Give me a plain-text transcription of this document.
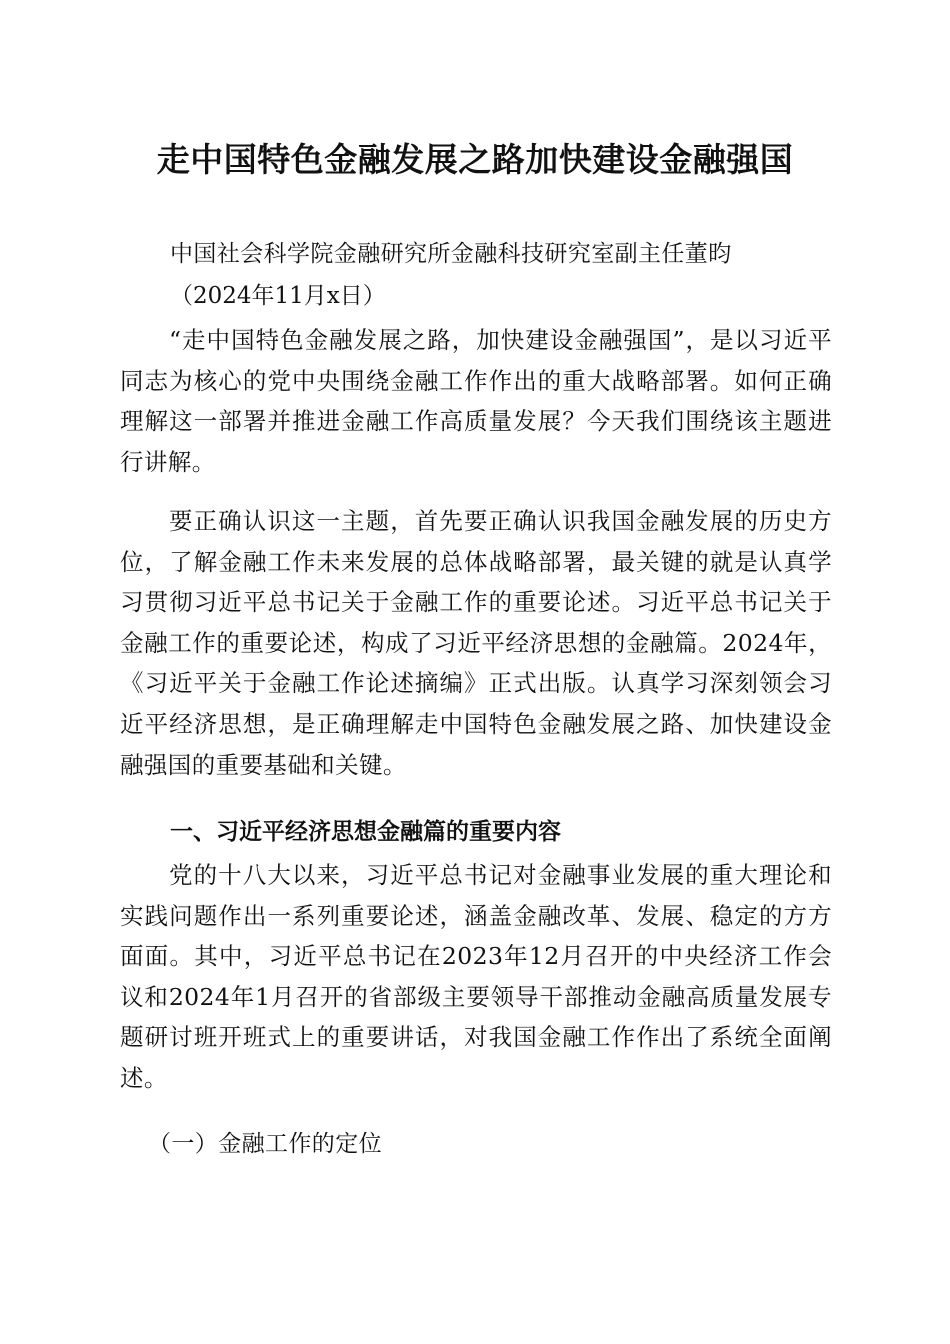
走中国特色金融发展之路加快建设金融强国
中国社会科学院金融研究所金融科技研究室副主任董昀
（2024年11月x日）
“走中国特色金融发展之路，加快建设金融强国”，是以习近平同志为核心的党中央围绕金融工作作出的重大战略部署。如何正确理解这一部署并推进金融工作高质量发展？今天我们围绕该主题进行讲解。
要正确认识这一主题，首先要正确认识我国金融发展的历史方位，了解金融工作未来发展的总体战略部署，最关键的就是认真学习贯彻习近平总书记关于金融工作的重要论述。习近平总书记关于金融工作的重要论述，构成了习近平经济思想的金融篇。2024年，《习近平关于金融工作论述摘编》正式出版。认真学习深刻领会习近平经济思想，是正确理解走中国特色金融发展之路、加快建设金融强国的重要基础和关键。
一、习近平经济思想金融篇的重要内容
党的十八大以来，习近平总书记对金融事业发展的重大理论和实践问题作出一系列重要论述，涵盖金融改革、发展、稳定的方方面面。其中，习近平总书记在2023年12月召开的中央经济工作会议和2024年1月召开的省部级主要领导干部推动金融高质量发展专题研讨班开班式上的重要讲话，对我国金融工作作出了系统全面阐述。
（一）金融工作的定位
